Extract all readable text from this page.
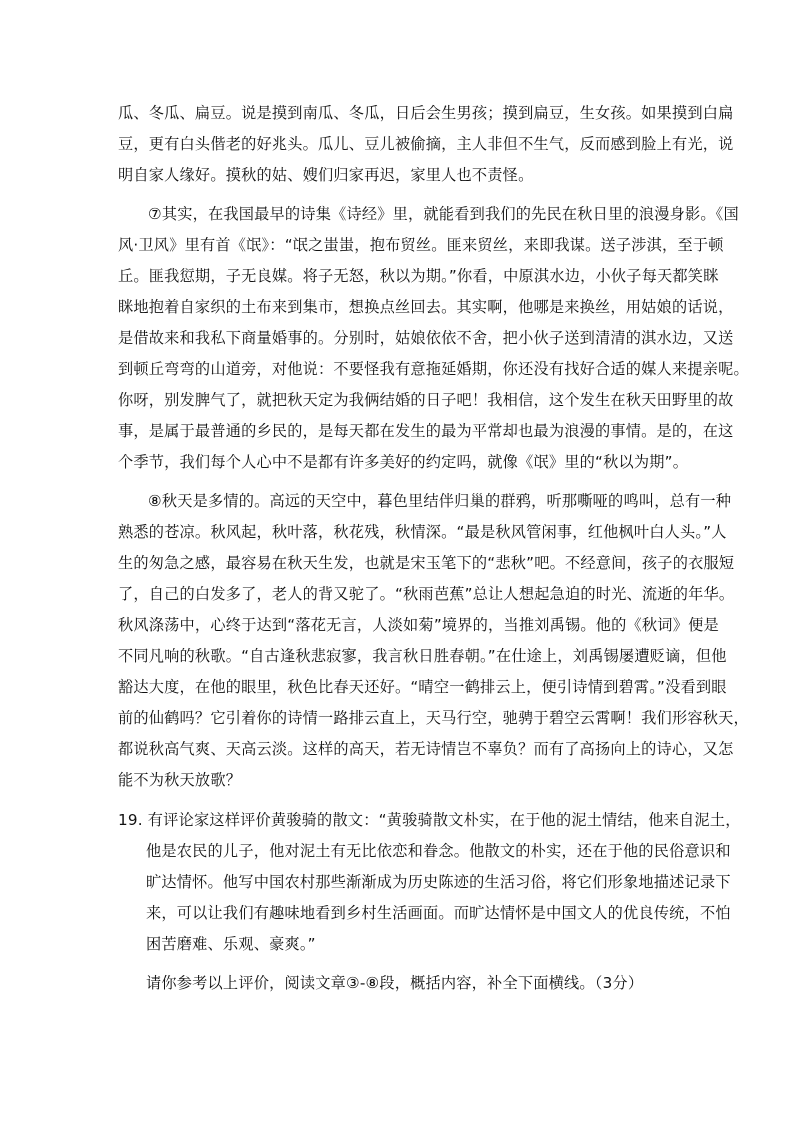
瓜、冬瓜、扁豆。说是摸到南瓜、冬瓜，日后会生男孩；摸到扁豆，生女孩。如果摸到白扁
豆，更有白头偕老的好兆头。瓜儿、豆儿被偷摘，主人非但不生气，反而感到脸上有光，说
明自家人缘好。摸秋的姑、嫂们归家再迟，家里人也不责怪。
⑦其实，在我国最早的诗集《诗经》里，就能看到我们的先民在秋日里的浪漫身影。《国
风·卫风》里有首《氓》：“氓之蚩蚩，抱布贸丝。匪来贸丝，来即我谋。送子涉淇，至于顿
丘。匪我愆期，子无良媒。将子无怒，秋以为期。”你看，中原淇水边，小伙子每天都笑眯
眯地抱着自家织的土布来到集市，想换点丝回去。其实啊，他哪是来换丝，用姑娘的话说，
是借故来和我私下商量婚事的。分别时，姑娘依依不舍，把小伙子送到清清的淇水边，又送
到顿丘弯弯的山道旁，对他说：不要怪我有意拖延婚期，你还没有找好合适的媒人来提亲呢。
你呀，别发脾气了，就把秋天定为我俩结婚的日子吧！我相信，这个发生在秋天田野里的故
事，是属于最普通的乡民的，是每天都在发生的最为平常却也最为浪漫的事情。是的，在这
个季节，我们每个人心中不是都有许多美好的约定吗，就像《氓》里的“秋以为期”。
⑧秋天是多情的。高远的天空中，暮色里结伴归巢的群鸦，听那嘶哑的鸣叫，总有一种
熟悉的苍凉。秋风起，秋叶落，秋花残，秋情深。“最是秋风管闲事，红他枫叶白人头。”人
生的匆急之感，最容易在秋天生发，也就是宋玉笔下的“悲秋”吧。不经意间，孩子的衣服短
了，自己的白发多了，老人的背又驼了。“秋雨芭蕉”总让人想起急迫的时光、流逝的年华。
秋风涤荡中，心终于达到“落花无言，人淡如菊”境界的，当推刘禹锡。他的《秋词》便是
不同凡响的秋歌。“自古逢秋悲寂寥，我言秋日胜春朝。”在仕途上，刘禹锡屡遭贬谪，但他
豁达大度，在他的眼里，秋色比春天还好。“晴空一鹤排云上，便引诗情到碧霄。”没看到眼
前的仙鹤吗？它引着你的诗情一路排云直上，天马行空，驰骋于碧空云霄啊！我们形容秋天，
都说秋高气爽、天高云淡。这样的高天，若无诗情岂不辜负？而有了高扬向上的诗心，又怎
能不为秋天放歌？
19. 有评论家这样评价黄骏骑的散文：“黄骏骑散文朴实，在于他的泥土情结，他来自泥土，
他是农民的儿子，他对泥土有无比依恋和眷念。他散文的朴实，还在于他的民俗意识和
旷达情怀。他写中国农村那些渐渐成为历史陈迹的生活习俗，将它们形象地描述记录下
来，可以让我们有趣味地看到乡村生活画面。而旷达情怀是中国文人的优良传统，不怕
困苦磨难、乐观、豪爽。”
请你参考以上评价，阅读文章③-⑧段，概括内容，补全下面横线。（3分）
